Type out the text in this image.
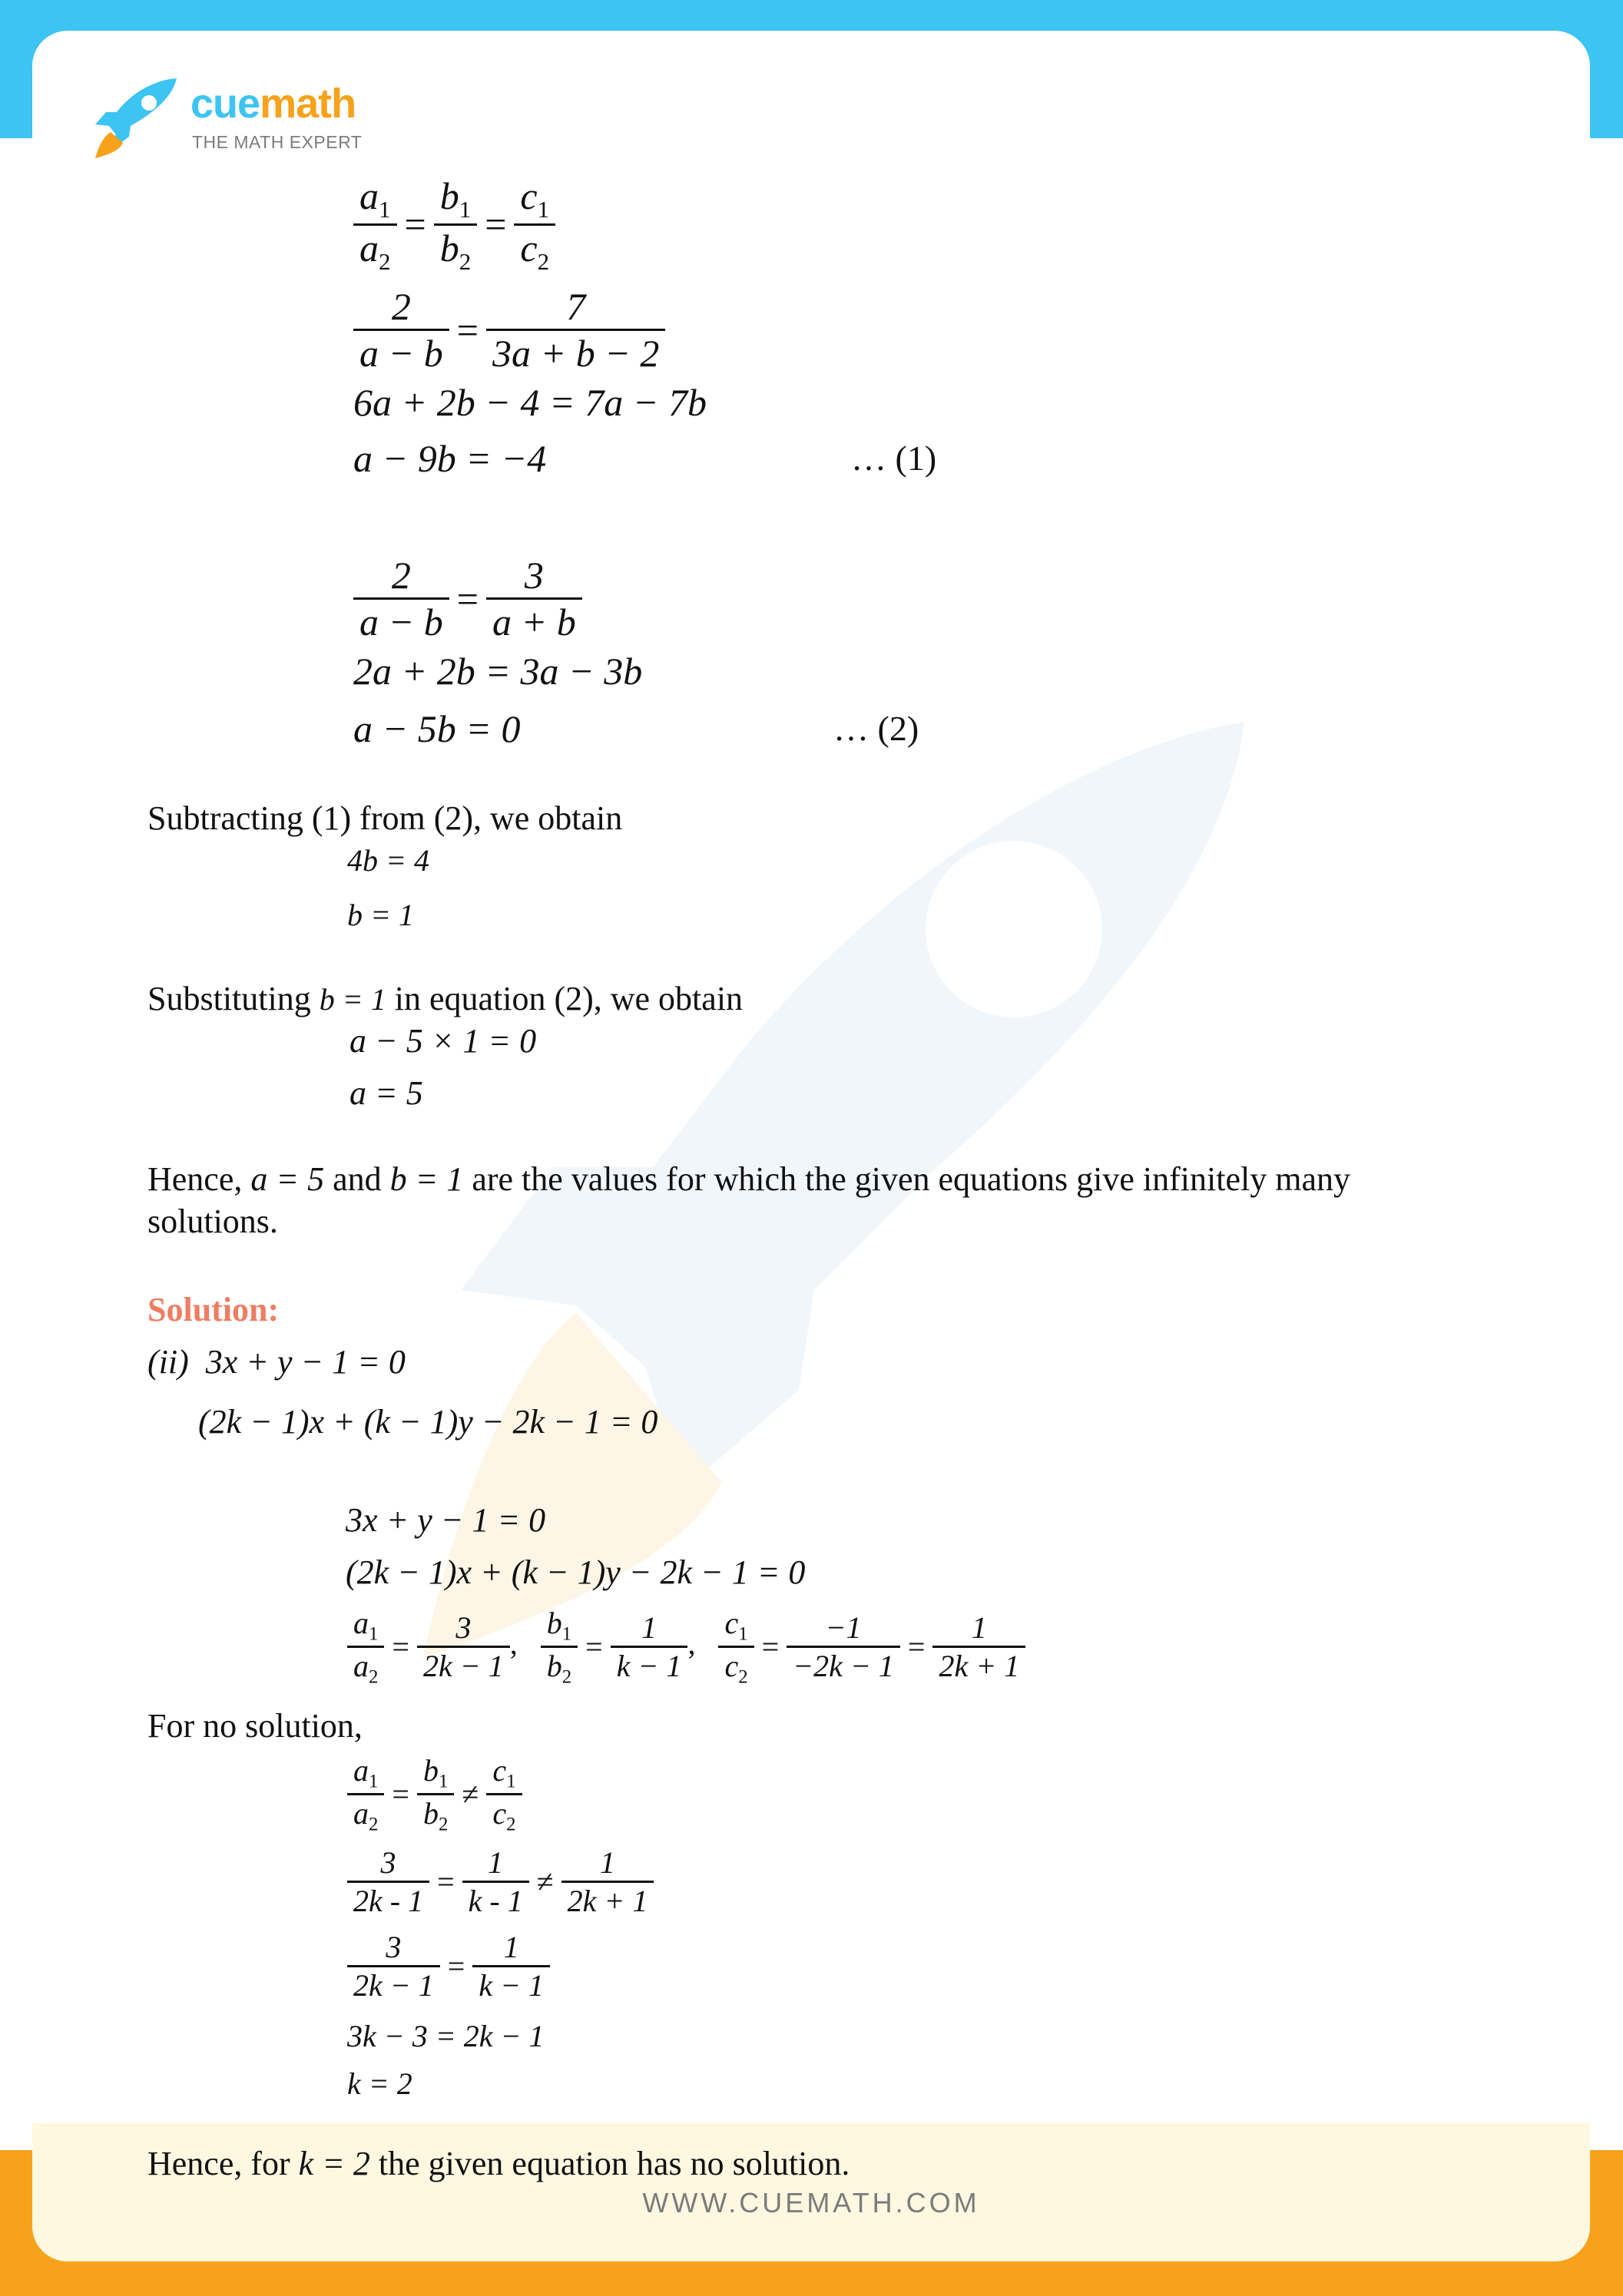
WWW.CUEMATH.COM
cuemath
THE MATH EXPERT
$\frac{a_1}{a_2} = \frac{b_1}{b_2} = \frac{c_1}{c_2}$
$\frac{2}{a - b} = \frac{7}{3a + b - 2}$
6a + 2b − 4 = 7a − 7b
a − 9b = −4	… (1)
$\frac{2}{a - b} = \frac{3}{a + b}$
2a + 2b = 3a − 3b
a − 5b = 0	… (2)
Subtracting (1) from (2), we obtain
4b = 4
b = 1
Substituting b = 1 in equation (2), we obtain
a − 5 × 1 = 0
a = 5
Hence, a = 5 and b = 1 are the values for which the given equations give infinitely many
solutions.
Solution:
(ii) 3x + y − 1 = 0
(2k − 1)x + (k − 1)y − 2k − 1 = 0
3x + y − 1 = 0
(2k − 1)x + (k − 1)y − 2k − 1 = 0
$\frac{a_1}{a_2} = \frac{3}{2k - 1}$ , $\frac{b_1}{b_2} = \frac{1}{k - 1}$ , $\frac{c_1}{c_2} = \frac{-1}{-2k - 1} = \frac{1}{2k + 1}$
For no solution,
$\frac{a_1}{a_2} = \frac{b_1}{b_2} \ne \frac{c_1}{c_2}$
$\frac{3}{2k - 1} = \frac{1}{k - 1} \ne \frac{1}{2k + 1}$
$\frac{3}{2k - 1} = \frac{1}{k - 1}$
3k − 3 = 2k − 1
k = 2
Hence, for k = 2 the given equation has no solution.
